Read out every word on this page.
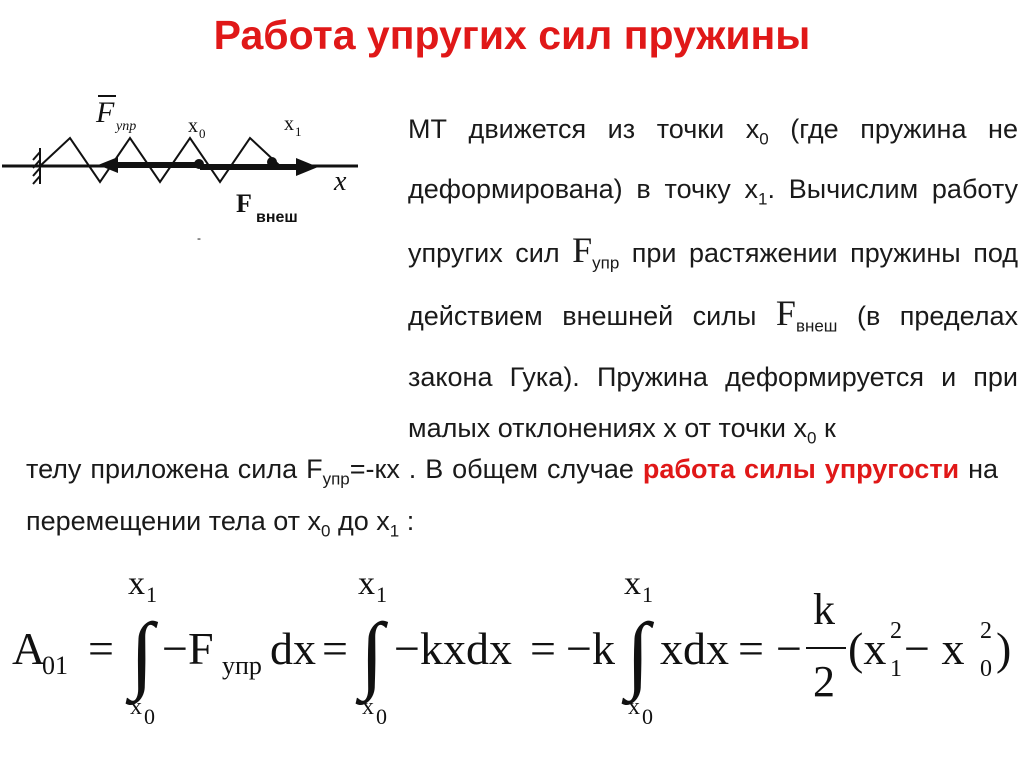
Работа упругих сил пружины
F упр	x 0	x 1
x
F внеш
-
МТ движется из точки $x_0$ (где пружина не деформирована) в точку $x_1$. Вычислим работу упругих сил $F_{упр}$ при растяжении пружины под действием внешней силы $F_{внеш}$ (в пределах закона Гука). Пружина деформируется и при малых отклонениях x от точки $x_0$ к
телу приложена сила $F_{упр}=-кх$ . В общем случае работа силы упругости на перемещении тела от $x_0$ до $x_1$ :
A
01 =
x 1
∫
x 0
−F упр dx =
x 1
∫
x 0
−kxdx = −k
x 1
∫
x 0
xdx = −
k
2
(x 1
2 − x 0
2 )
